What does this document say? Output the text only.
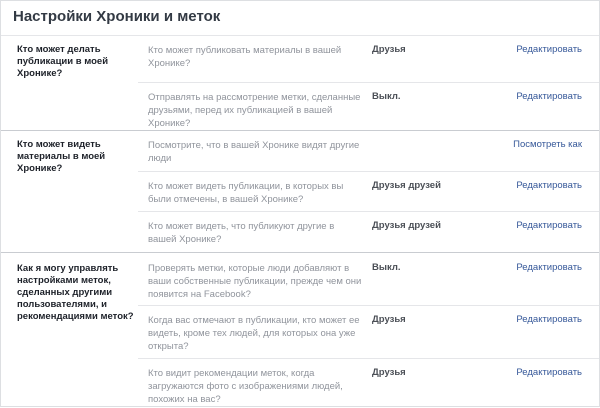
Настройки Хроники и меток
Кто может делать публикации в моей Хронике?
Кто может публиковать материалы в вашей Хронике?
Друзья	Редактировать
Отправлять на рассмотрение метки, сделанные друзьями, перед их публикацией в вашей Хронике?
Выкл.	Редактировать
Кто может видеть материалы в моей Хронике?
Посмотрите, что в вашей Хронике видят другие люди
Посмотреть как
Кто может видеть публикации, в которых вы были отмечены, в вашей Хронике?
Друзья друзей	Редактировать
Кто может видеть, что публикуют другие в вашей Хронике?
Друзья друзей	Редактировать
Как я могу управлять настройками меток, сделанных другими пользователями, и рекомендациями меток?
Проверять метки, которые люди добавляют в ваши собственные публикации, прежде чем они появится на Facebook?
Выкл.	Редактировать
Когда вас отмечают в публикации, кто может ее видеть, кроме тех людей, для которых она уже открыта?
Друзья	Редактировать
Кто видит рекомендации меток, когда загружаются фото с изображениями людей, похожих на вас?
Друзья	Редактировать
